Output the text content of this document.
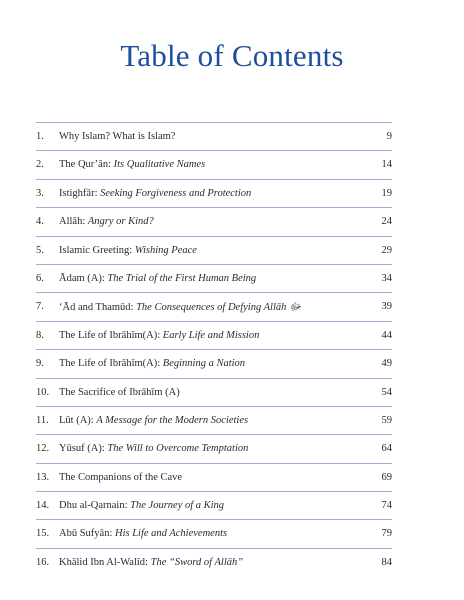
Table of Contents
1.	Why Islam? What is Islam?	9
2.	The Qur’ān: Its Qualitative Names	14
3.	Istighfār: Seeking Forgiveness and Protection	19
4.	Allāh: Angry or Kind?	24
5.	Islamic Greeting: Wishing Peace	29
6.	Ādam (A): The Trial of the First Human Being	34
7.	‘Ād and Thamūd: The Consequences of Defying Allāh ﷻ	39
8.	The Life of Ibrāhīm(A): Early Life and Mission	44
9.	The Life of Ibrāhīm(A): Beginning a Nation	49
10. The Sacrifice of Ibrāhīm (A)	54
11. Lūt (A): A Message for the Modern Societies	59
12. Yūsuf (A): The Will to Overcome Temptation	64
13. The Companions of the Cave	69
14. Dhu al-Qarnain: The Journey of a King	74
15. Abū Sufyān: His Life and Achievements	79
16. Khālid Ibn Al-Walīd: The “Sword of Allāh”	84
